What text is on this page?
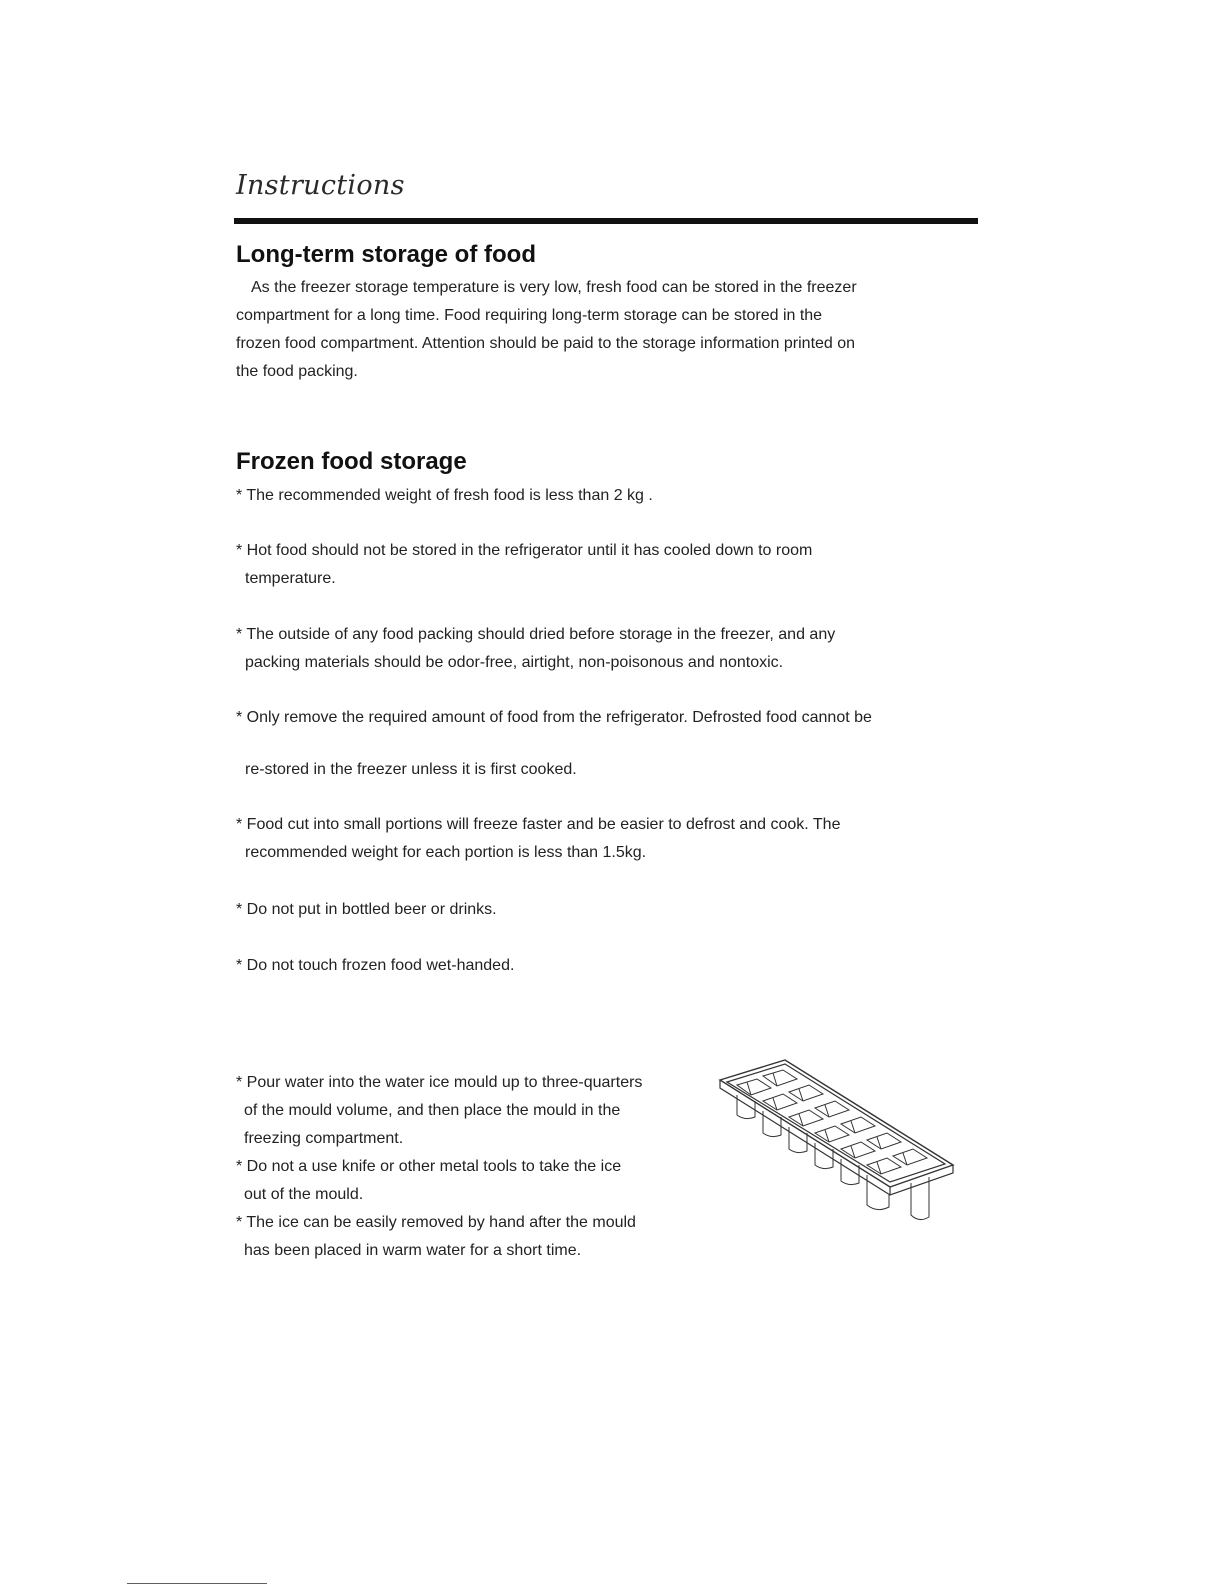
Instructions
Long-term storage of food
As the freezer storage temperature is very low, fresh food can be stored in the freezer
compartment for a long time. Food requiring long-term storage can be stored in the
frozen food compartment. Attention should be paid to the storage information printed on
the food packing.
Frozen food storage

* The recommended weight of fresh food is less than 2 kg .

* Hot food should not be stored in the refrigerator until it has cooled down to room
temperature.

* The outside of any food packing should dried before storage in the freezer, and any
packing materials should be odor-free, airtight, non-poisonous and nontoxic.

* Only remove the required amount of food from the refrigerator. Defrosted food cannot be
re-stored in the freezer unless it is first cooked.

* Food cut into small portions will freeze faster and be easier to defrost and cook. The
recommended weight for each portion is less than 1.5kg.

* Do not put in bottled beer or drinks.

* Do not touch frozen food wet-handed.

* Pour water into the water ice mould up to three-quarters
of the mould volume, and then place the mould in the
freezing compartment.

* Do not a use knife or other metal tools to take the ice
out of the mould.

* The ice can be easily removed by hand after the mould
has been placed in warm water for a short time.
